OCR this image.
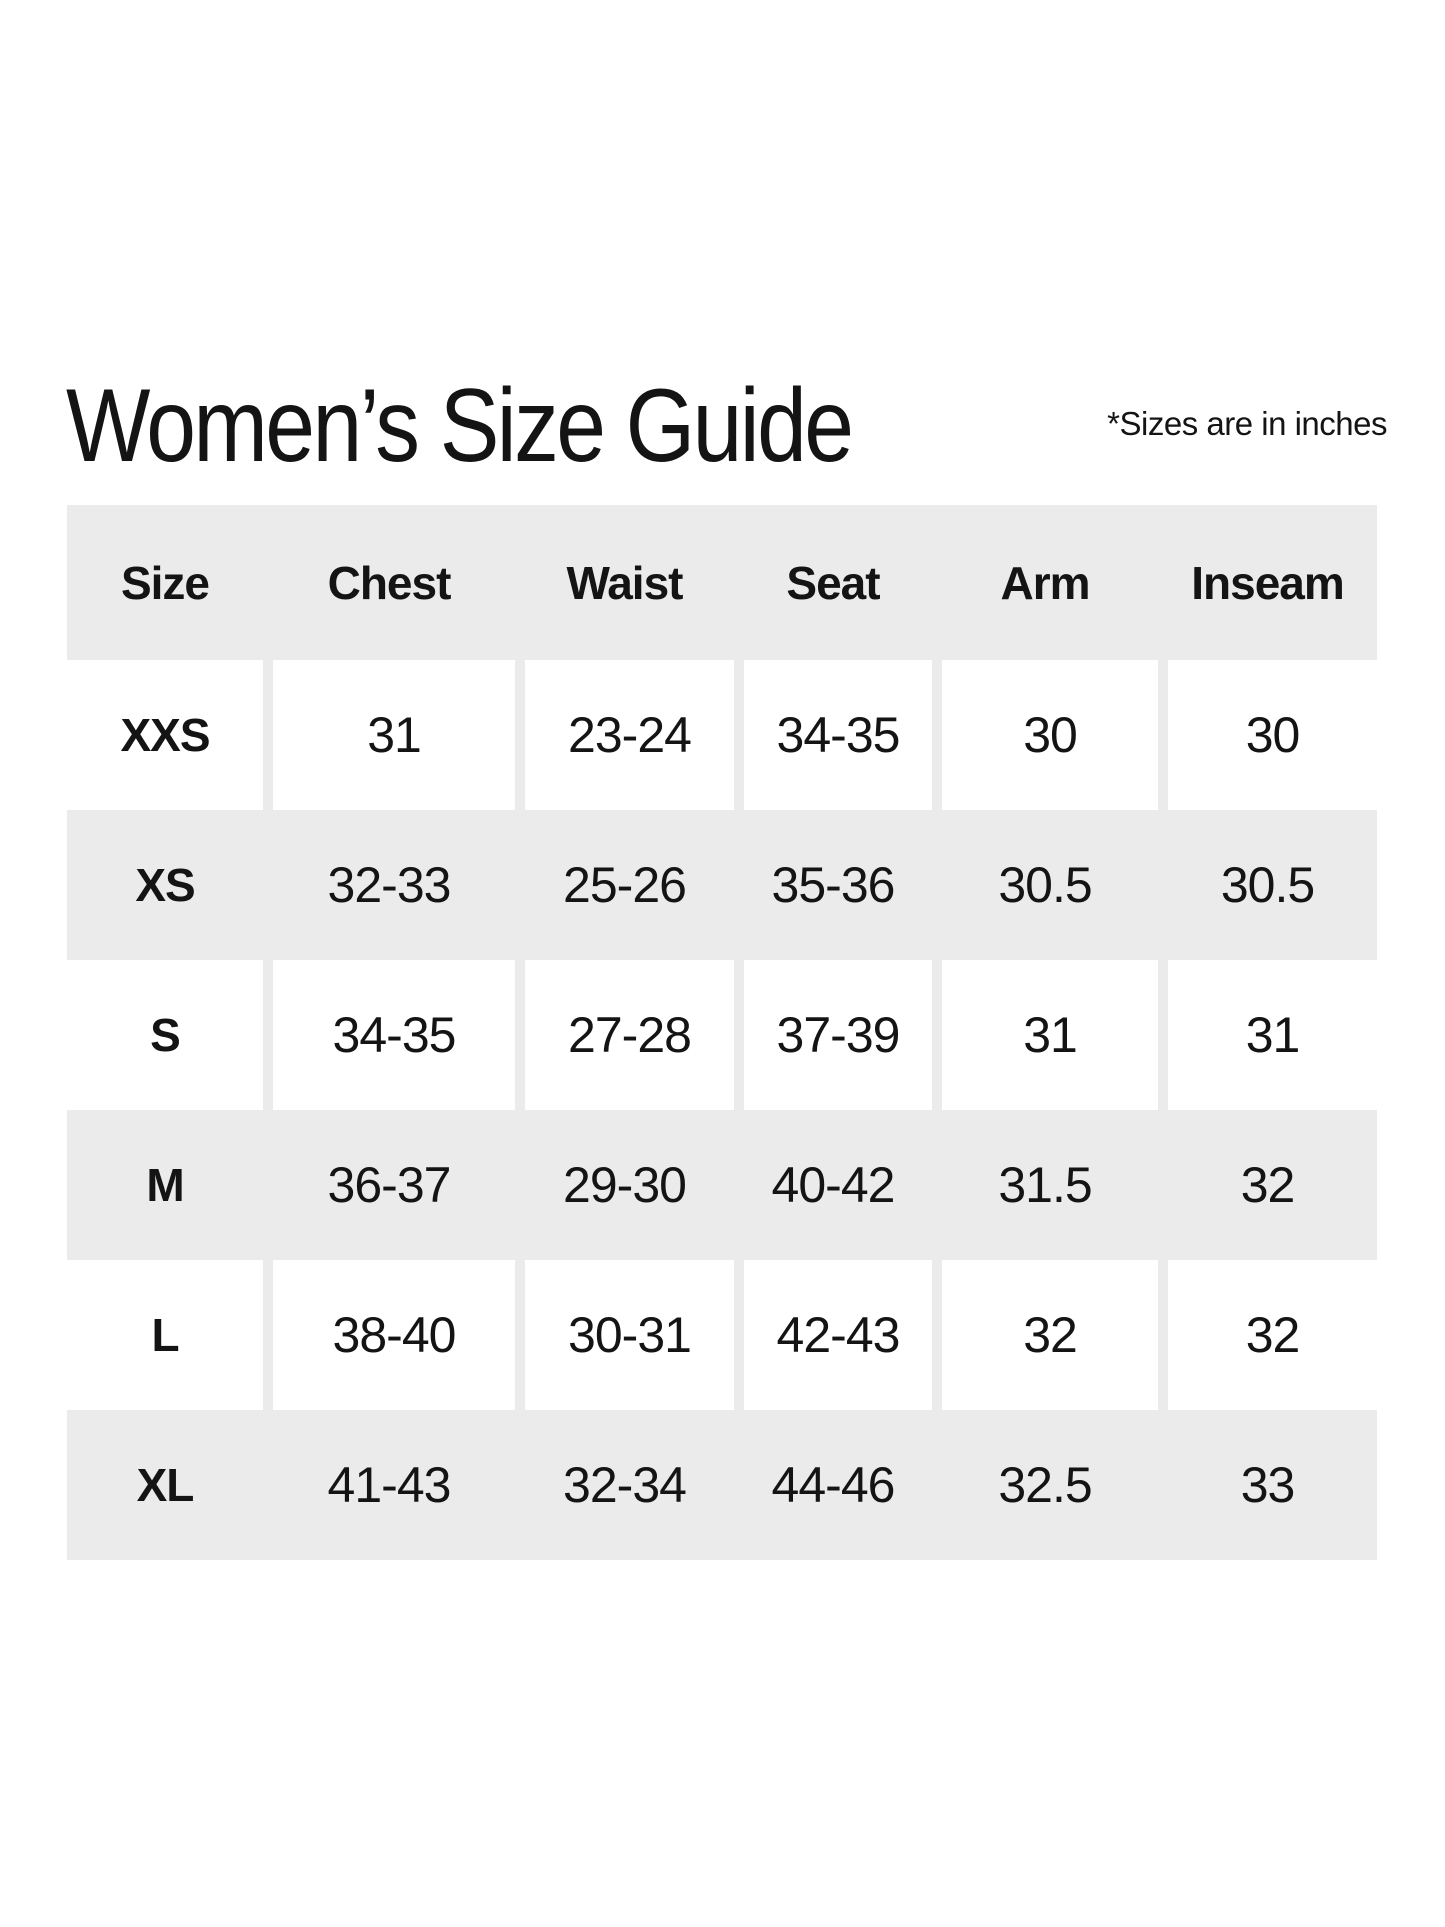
Women’s Size Guide	*Sizes are in inches
Size	Chest	Waist	Seat	Arm	Inseam
XXS	31	23-24	34-35	30	30
XS	32-33	25-26	35-36	30.5	30.5
S	34-35	27-28	37-39	31	31
M	36-37	29-30	40-42	31.5	32
L	38-40	30-31	42-43	32	32
XL	41-43	32-34	44-46	32.5	33
